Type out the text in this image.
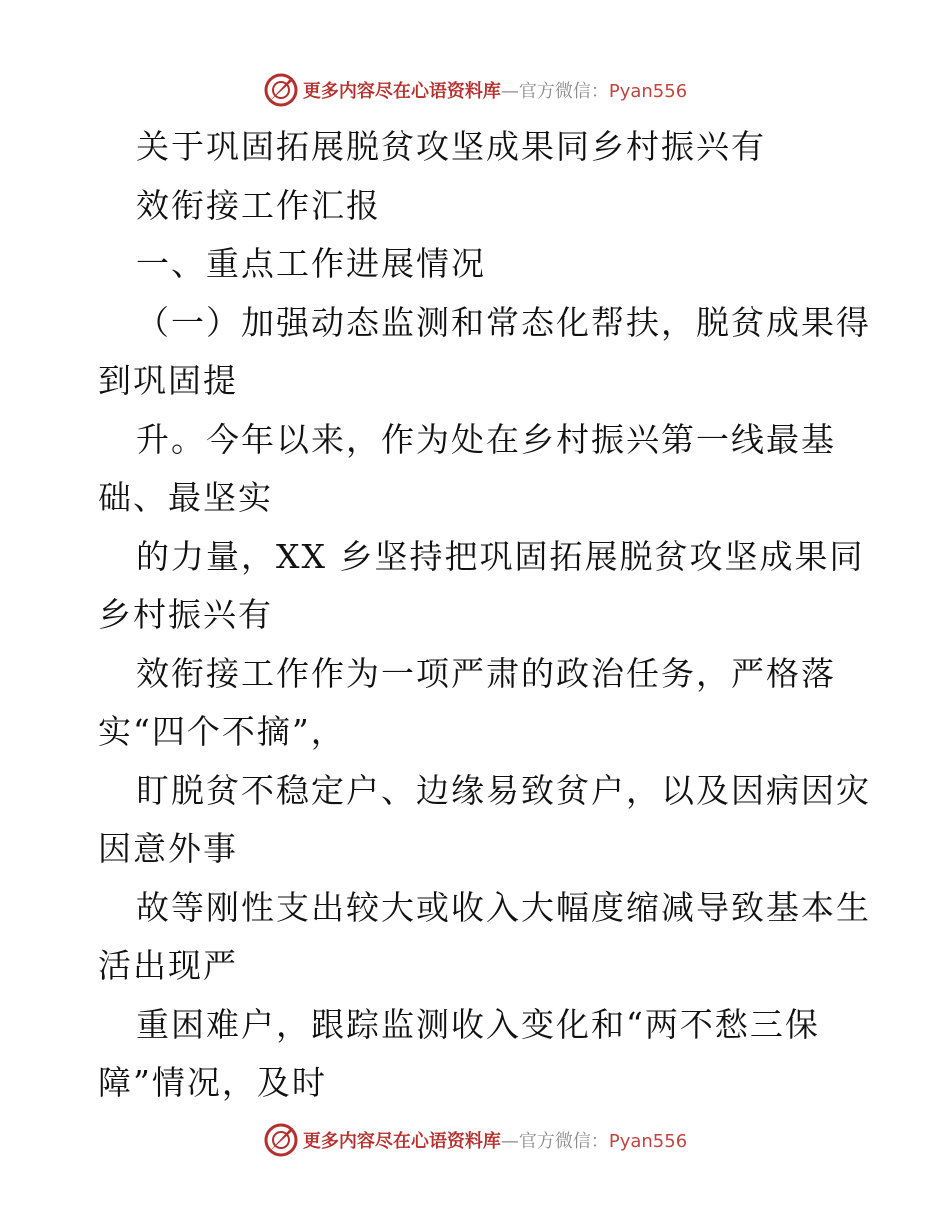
更多内容尽在心语资料库—官方微信：Pyan556
关于巩固拓展脱贫攻坚成果同乡村振兴有
效衔接工作汇报
一、重点工作进展情况
（一）加强动态监测和常态化帮扶，脱贫成果得
到巩固提
升。今年以来，作为处在乡村振兴第一线最基
础、最坚实
的力量，XX 乡坚持把巩固拓展脱贫攻坚成果同
乡村振兴有
效衔接工作作为一项严肃的政治任务，严格落
实“四个不摘”，
盯脱贫不稳定户、边缘易致贫户，以及因病因灾
因意外事
故等刚性支出较大或收入大幅度缩减导致基本生
活出现严
重困难户，跟踪监测收入变化和“两不愁三保
障”情况，及时
更多内容尽在心语资料库—官方微信：Pyan556
